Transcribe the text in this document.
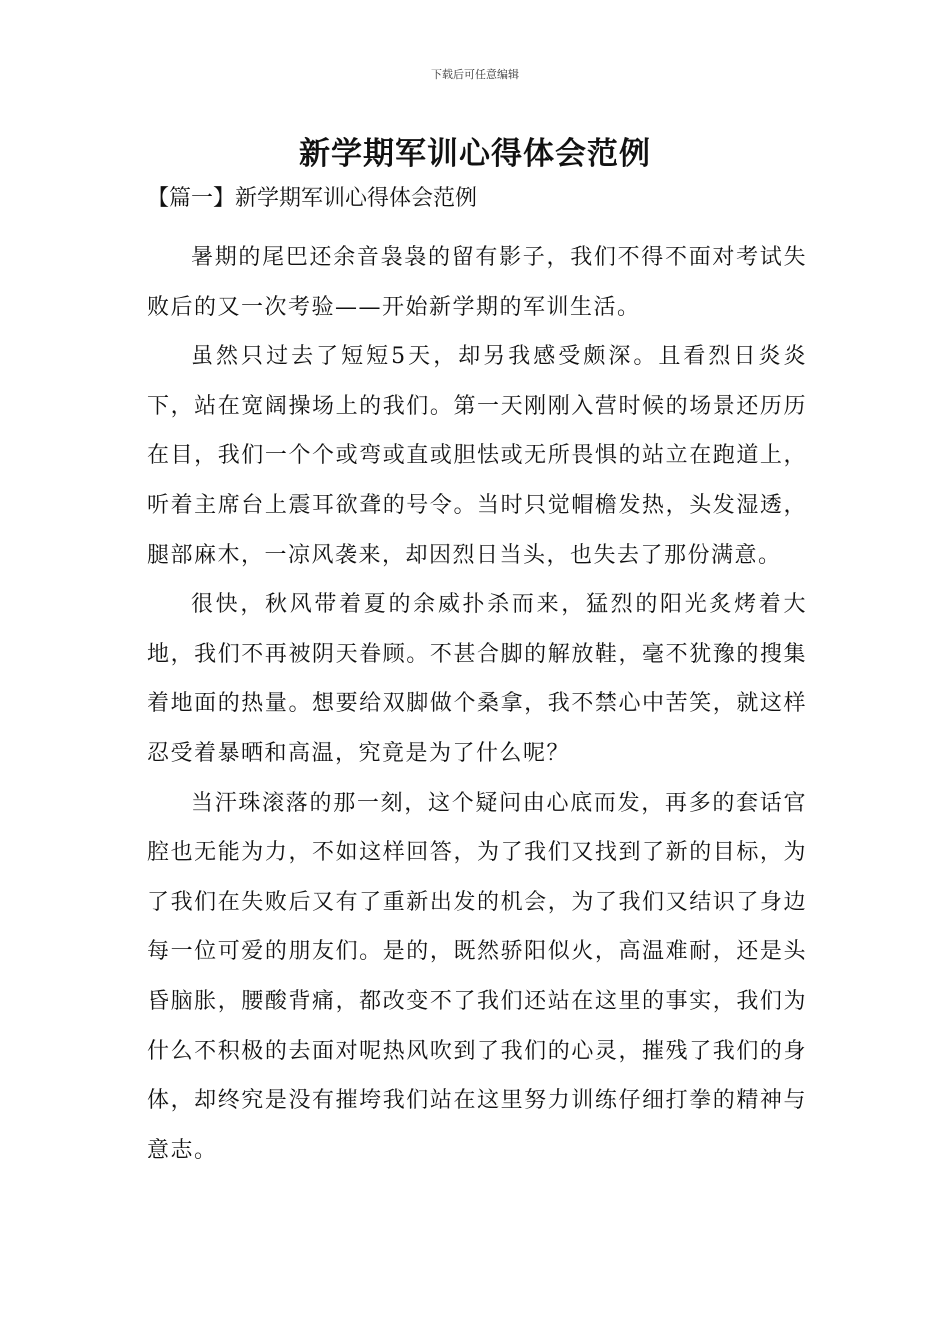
下载后可任意编辑
新学期军训心得体会范例
【篇一】新学期军训心得体会范例

暑期的尾巴还余音袅袅的留有影子，我们不得不面对考试失败后的又一次考验——开始新学期的军训生活。

虽然只过去了短短5天，却另我感受颇深。且看烈日炎炎下，站在宽阔操场上的我们。第一天刚刚入营时候的场景还历历在目，我们一个个或弯或直或胆怯或无所畏惧的站立在跑道上，听着主席台上震耳欲聋的号令。当时只觉帽檐发热，头发湿透，腿部麻木，一凉风袭来，却因烈日当头，也失去了那份满意。

很快，秋风带着夏的余威扑杀而来，猛烈的阳光炙烤着大地，我们不再被阴天眷顾。不甚合脚的解放鞋，毫不犹豫的搜集着地面的热量。想要给双脚做个桑拿，我不禁心中苦笑，就这样忍受着暴晒和高温，究竟是为了什么呢？

当汗珠滚落的那一刻，这个疑问由心底而发，再多的套话官腔也无能为力，不如这样回答，为了我们又找到了新的目标，为了我们在失败后又有了重新出发的机会，为了我们又结识了身边每一位可爱的朋友们。是的，既然骄阳似火，高温难耐，还是头昏脑胀，腰酸背痛，都改变不了我们还站在这里的事实，我们为什么不积极的去面对呢热风吹到了我们的心灵，摧残了我们的身体，却终究是没有摧垮我们站在这里努力训练仔细打拳的精神与意志。
